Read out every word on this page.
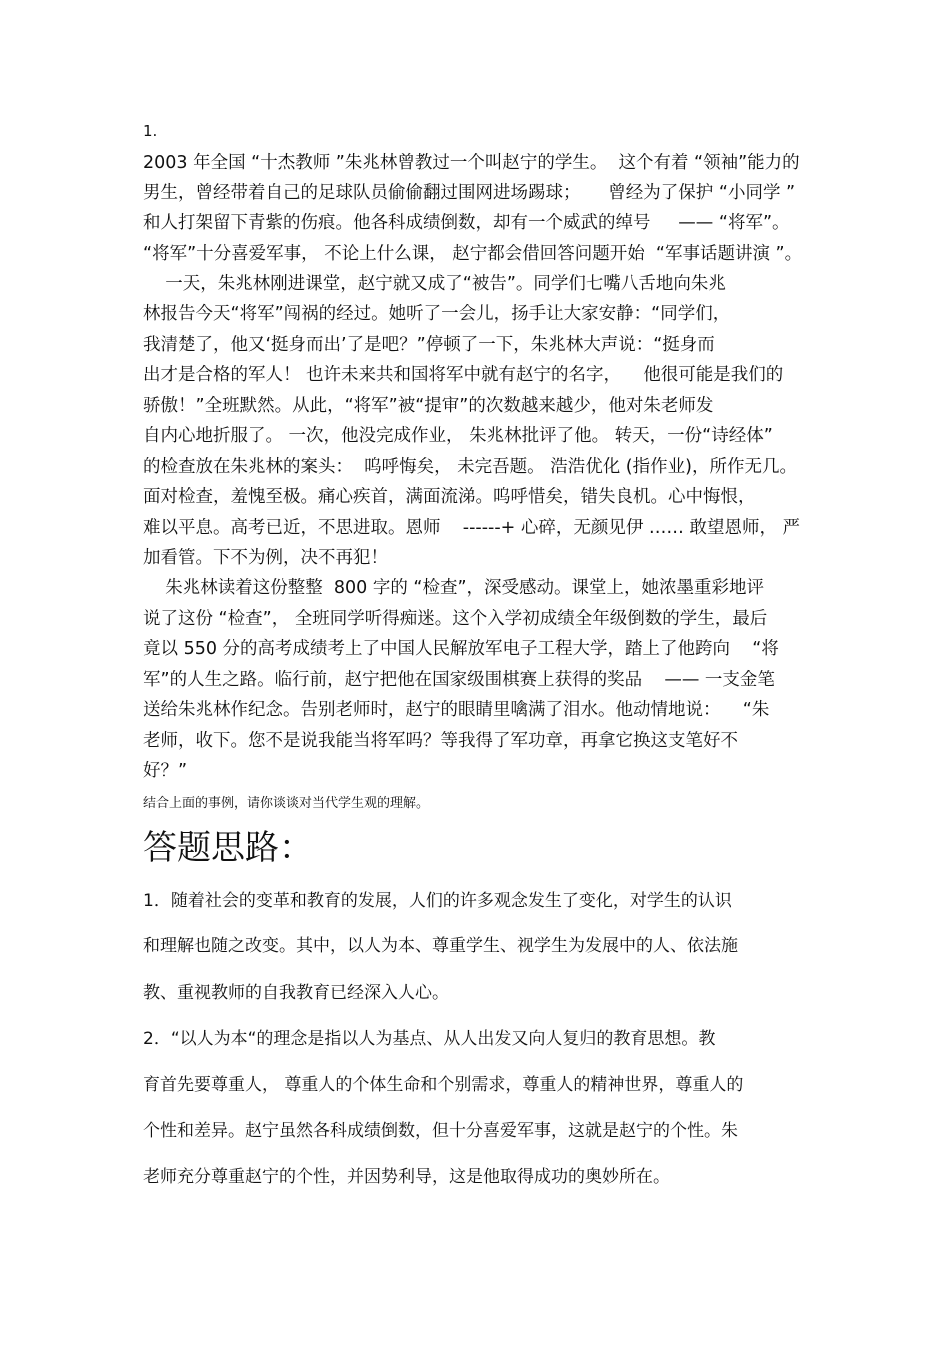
1.
2003 年全国 “十杰教师 ”朱兆林曾教过一个叫赵宁的学生。  这个有着 “领袖”能力的
男生，曾经带着自己的足球队员偷偷翻过围网进场踢球；     曾经为了保护 “小同学 ”
和人打架留下青紫的伤痕。他各科成绩倒数，却有一个威武的绰号     —— “将军”。
“将军”十分喜爱军事， 不论上什么课， 赵宁都会借回答问题开始  “军事话题讲演 ”。
一天，朱兆林刚进课堂，赵宁就又成了“被告”。同学们七嘴八舌地向朱兆
林报告今天“将军”闯祸的经过。她听了一会儿，扬手让大家安静：“同学们，
我清楚了，他又‘挺身而出’了是吧？”停顿了一下，朱兆林大声说：“挺身而
出才是合格的军人！ 也许未来共和国将军中就有赵宁的名字，    他很可能是我们的
骄傲！”全班默然。从此，“将军”被“提审”的次数越来越少，他对朱老师发
自内心地折服了。 一次，他没完成作业， 朱兆林批评了他。 转天，一份“诗经体”
的检查放在朱兆林的案头：  呜呼悔矣， 未完吾题。 浩浩优化 (指作业)，所作无几。
面对检查，羞愧至极。痛心疾首，满面流涕。呜呼惜矣，错失良机。心中悔恨，
难以平息。高考已近，不思进取。恩师    ------+ 心碎，无颜见伊 …… 敢望恩师， 严
加看管。下不为例，决不再犯！
朱兆林读着这份整整  800 字的 “检查”，深受感动。课堂上，她浓墨重彩地评
说了这份 “检查”， 全班同学听得痴迷。这个入学初成绩全年级倒数的学生，最后
竟以 550 分的高考成绩考上了中国人民解放军电子工程大学，踏上了他跨向    “将
军”的人生之路。临行前，赵宁把他在国家级围棋赛上获得的奖品    —— 一支金笔
送给朱兆林作纪念。告别老师时，赵宁的眼睛里噙满了泪水。他动情地说：    “朱
老师，收下。您不是说我能当将军吗？等我得了军功章，再拿它换这支笔好不
好？”
结合上面的事例，请你谈谈对当代学生观的理解。
答题思路：
1．随着社会的变革和教育的发展，人们的许多观念发生了变化，对学生的认识
和理解也随之改变。其中，以人为本、尊重学生、视学生为发展中的人、依法施
教、重视教师的自我教育已经深入人心。
2．“以人为本“的理念是指以人为基点、从人出发又向人复归的教育思想。教
育首先要尊重人， 尊重人的个体生命和个别需求，尊重人的精神世界，尊重人的
个性和差异。赵宁虽然各科成绩倒数，但十分喜爱军事，这就是赵宁的个性。朱
老师充分尊重赵宁的个性，并因势利导，这是他取得成功的奥妙所在。
